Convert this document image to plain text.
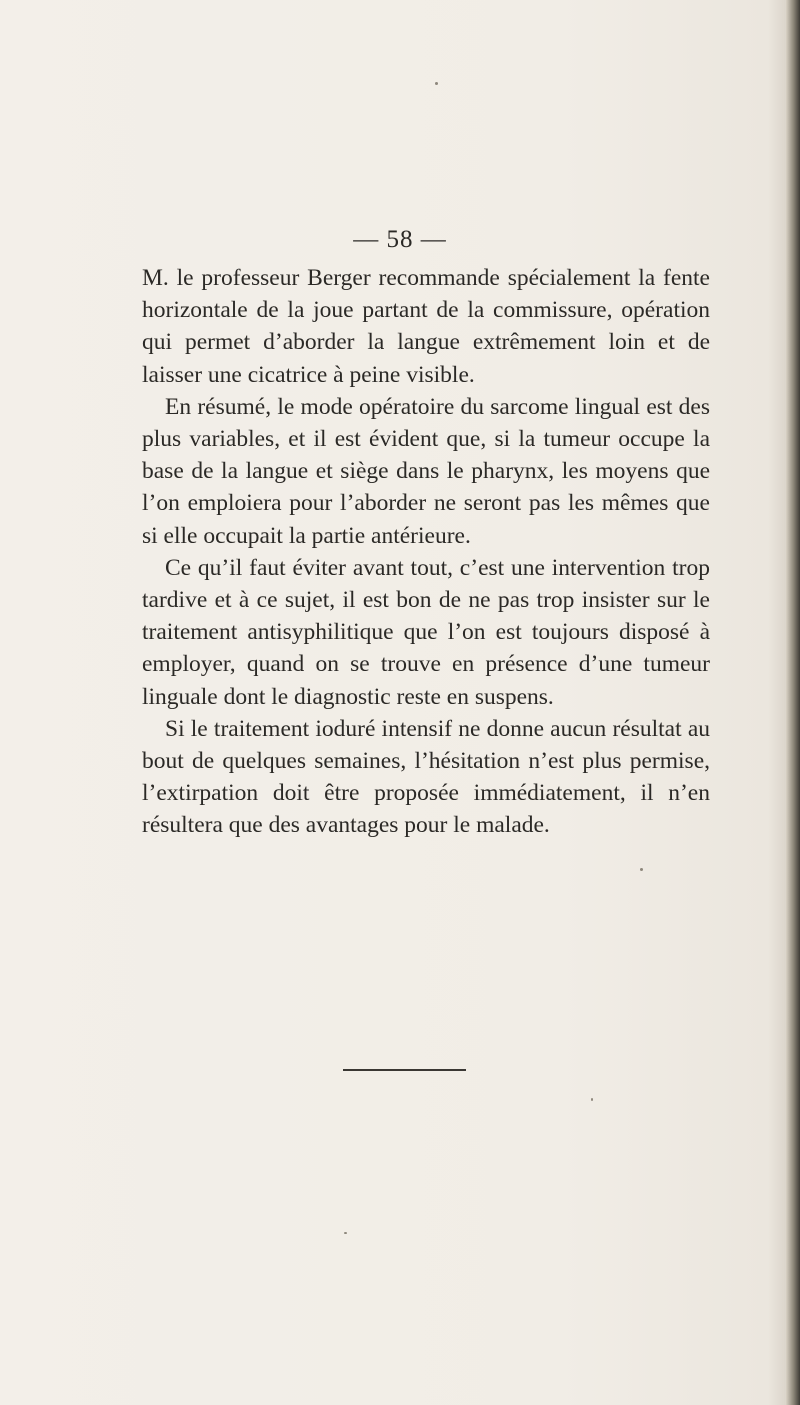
— 58 —

M. le professeur Berger recommande spécialement la fente horizontale de la joue partant de la commissure, opération qui permet d’aborder la langue extrêmement loin et de laisser une cicatrice à peine visible.

En résumé, le mode opératoire du sarcome lingual est des plus variables, et il est évident que, si la tumeur occupe la base de la langue et siège dans le pharynx, les moyens que l’on emploiera pour l’aborder ne seront pas les mêmes que si elle occupait la partie antérieure.

Ce qu’il faut éviter avant tout, c’est une intervention trop tardive et à ce sujet, il est bon de ne pas trop insister sur le traitement antisyphilitique que l’on est toujours disposé à employer, quand on se trouve en présence d’une tumeur linguale dont le diagnostic reste en suspens.

Si le traitement ioduré intensif ne donne aucun résultat au bout de quelques semaines, l’hésitation n’est plus permise, l’extirpation doit être proposée immédiatement, il n’en résultera que des avantages pour le malade.
